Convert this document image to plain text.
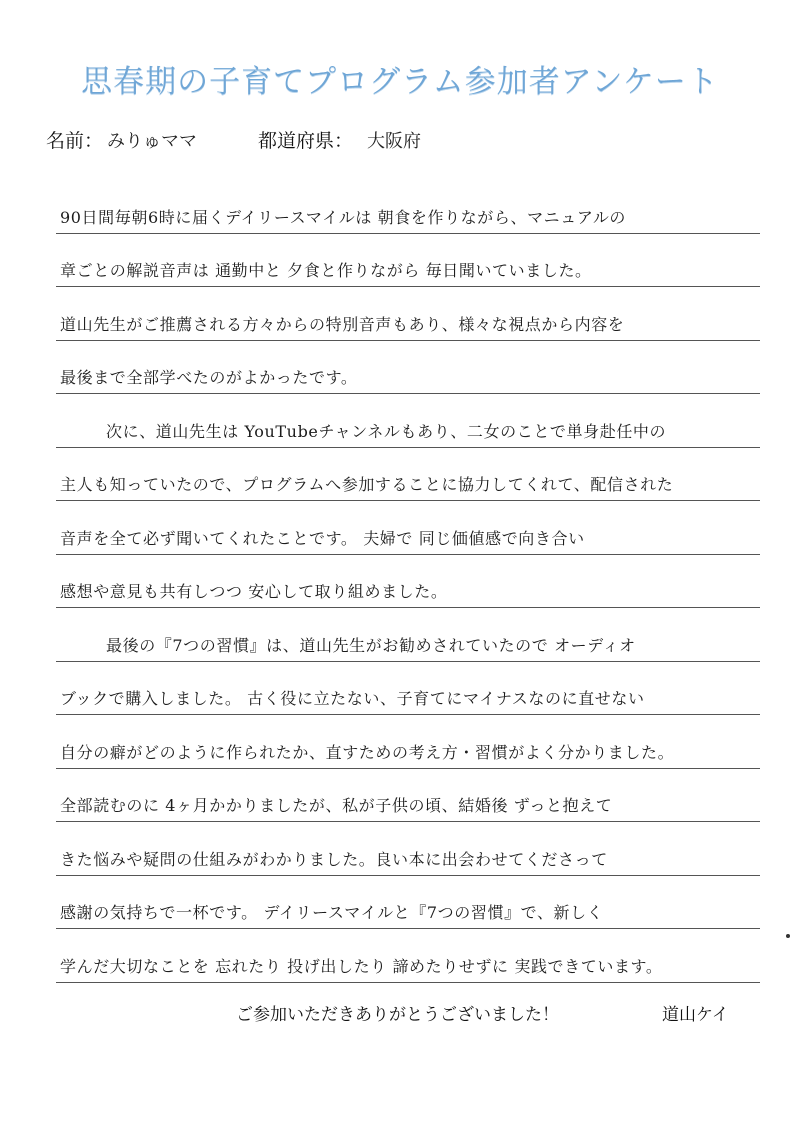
思春期の子育てプログラム参加者アンケート
名前： みりゅママ	都道府県： 大阪府
90日間毎朝6時に届くデイリースマイルは 朝食を作りながら、マニュアルの
章ごとの解説音声は 通勤中と 夕食と作りながら 毎日聞いていました。
道山先生がご推薦される方々からの特別音声もあり、様々な視点から内容を
最後まで全部学べたのがよかったです。
次に、道山先生は YouTubeチャンネルもあり、二女のことで単身赴任中の
主人も知っていたので、プログラムへ参加することに協力してくれて、配信された
音声を全て必ず聞いてくれたことです。 夫婦で 同じ価値感で向き合い
感想や意見も共有しつつ 安心して取り組めました。
最後の『7つの習慣』は、道山先生がお勧めされていたので オーディオ
ブックで購入しました。 古く役に立たない、子育てにマイナスなのに直せない
自分の癖がどのように作られたか、直すための考え方・習慣がよく分かりました。
全部読むのに 4ヶ月かかりましたが、私が子供の頃、結婚後 ずっと抱えて
きた悩みや疑問の仕組みがわかりました。良い本に出会わせてくださって
感謝の気持ちで一杯です。 デイリースマイルと『7つの習慣』で、新しく
学んだ大切なことを 忘れたり 投げ出したり 諦めたりせずに 実践できています。
ご参加いただきありがとうございました！	道山ケイ
